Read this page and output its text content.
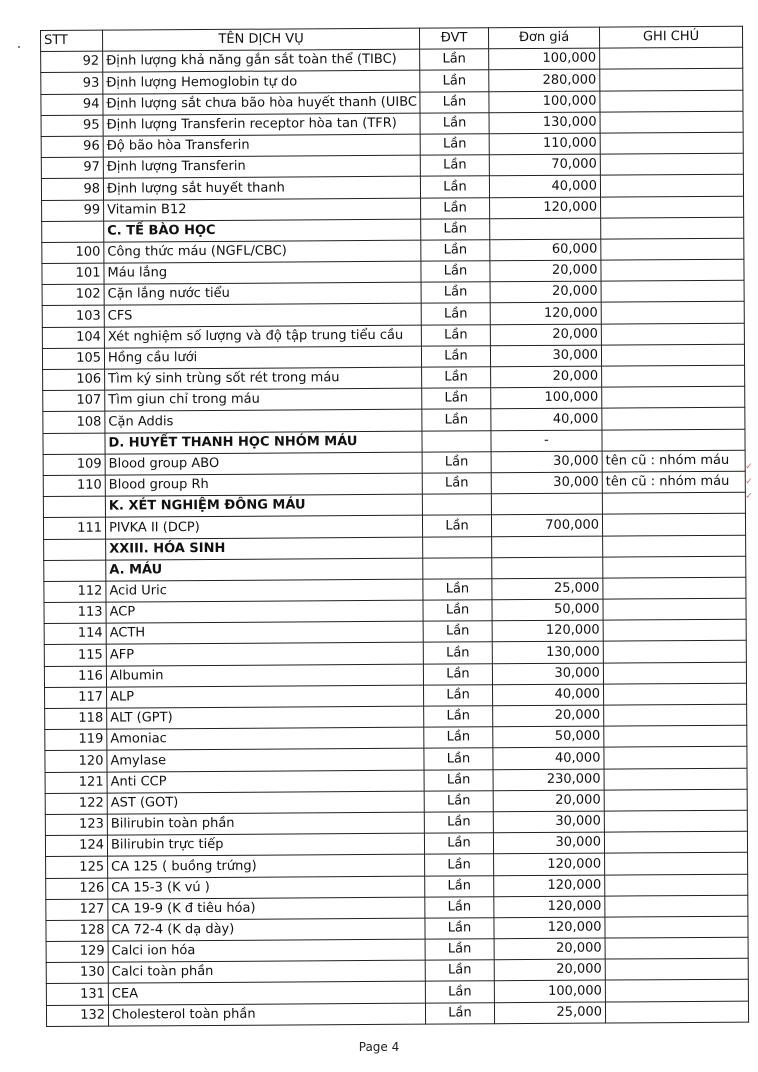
STT	TÊN DỊCH VỤ	ĐVT	Đơn giá	GHI CHÚ
92	Định lượng khả năng gắn sắt toàn thể (TIBC)	Lần	100,000	
93	Định lượng Hemoglobin tự do	Lần	280,000	
94	Định lượng sắt chưa bão hòa huyết thanh (UIBC	Lần	100,000	
95	Định lượng Transferin receptor hòa tan (TFR)	Lần	130,000	
96	Độ bão hòa Transferin	Lần	110,000	
97	Định lượng Transferin	Lần	70,000	
98	Định lượng sắt huyết thanh	Lần	40,000	
99	Vitamin B12	Lần	120,000	
	C. TẾ BÀO HỌC	Lần		
100	Công thức máu (NGFL/CBC)	Lần	60,000	
101	Máu lắng	Lần	20,000	
102	Cặn lắng nước tiểu	Lần	20,000	
103	CFS	Lần	120,000	
104	Xét nghiệm số lượng và độ tập trung tiểu cầu	Lần	20,000	
105	Hồng cầu lưới	Lần	30,000	
106	Tìm ký sinh trùng sốt rét trong máu	Lần	20,000	
107	Tìm giun chỉ trong máu	Lần	100,000	
108	Cặn Addis	Lần	40,000	
	D. HUYẾT THANH HỌC NHÓM MÁU		-	
109	Blood group ABO	Lần	30,000	tên cũ : nhóm máu
110	Blood group Rh	Lần	30,000	tên cũ : nhóm máu
	K. XÉT NGHIỆM ĐÔNG MÁU			
111	PIVKA II (DCP)	Lần	700,000	
	XXIII. HÓA SINH			
	A. MÁU			
112	Acid Uric	Lần	25,000	
113	ACP	Lần	50,000	
114	ACTH	Lần	120,000	
115	AFP	Lần	130,000	
116	Albumin	Lần	30,000	
117	ALP	Lần	40,000	
118	ALT (GPT)	Lần	20,000	
119	Amoniac	Lần	50,000	
120	Amylase	Lần	40,000	
121	Anti CCP	Lần	230,000	
122	AST (GOT)	Lần	20,000	
123	Bilirubin toàn phần	Lần	30,000	
124	Bilirubin trực tiếp	Lần	30,000	
125	CA 125 ( buồng trứng)	Lần	120,000	
126	CA 15-3 (K vú )	Lần	120,000	
127	CA 19-9 (K đ tiêu hóa)	Lần	120,000	
128	CA 72-4 (K dạ dày)	Lần	120,000	
129	Calci ion hóa	Lần	20,000	
130	Calci toàn phần	Lần	20,000	
131	CEA	Lần	100,000	
132	Cholesterol toàn phần	Lần	25,000	
✓ ✓ ✓
Page 4
